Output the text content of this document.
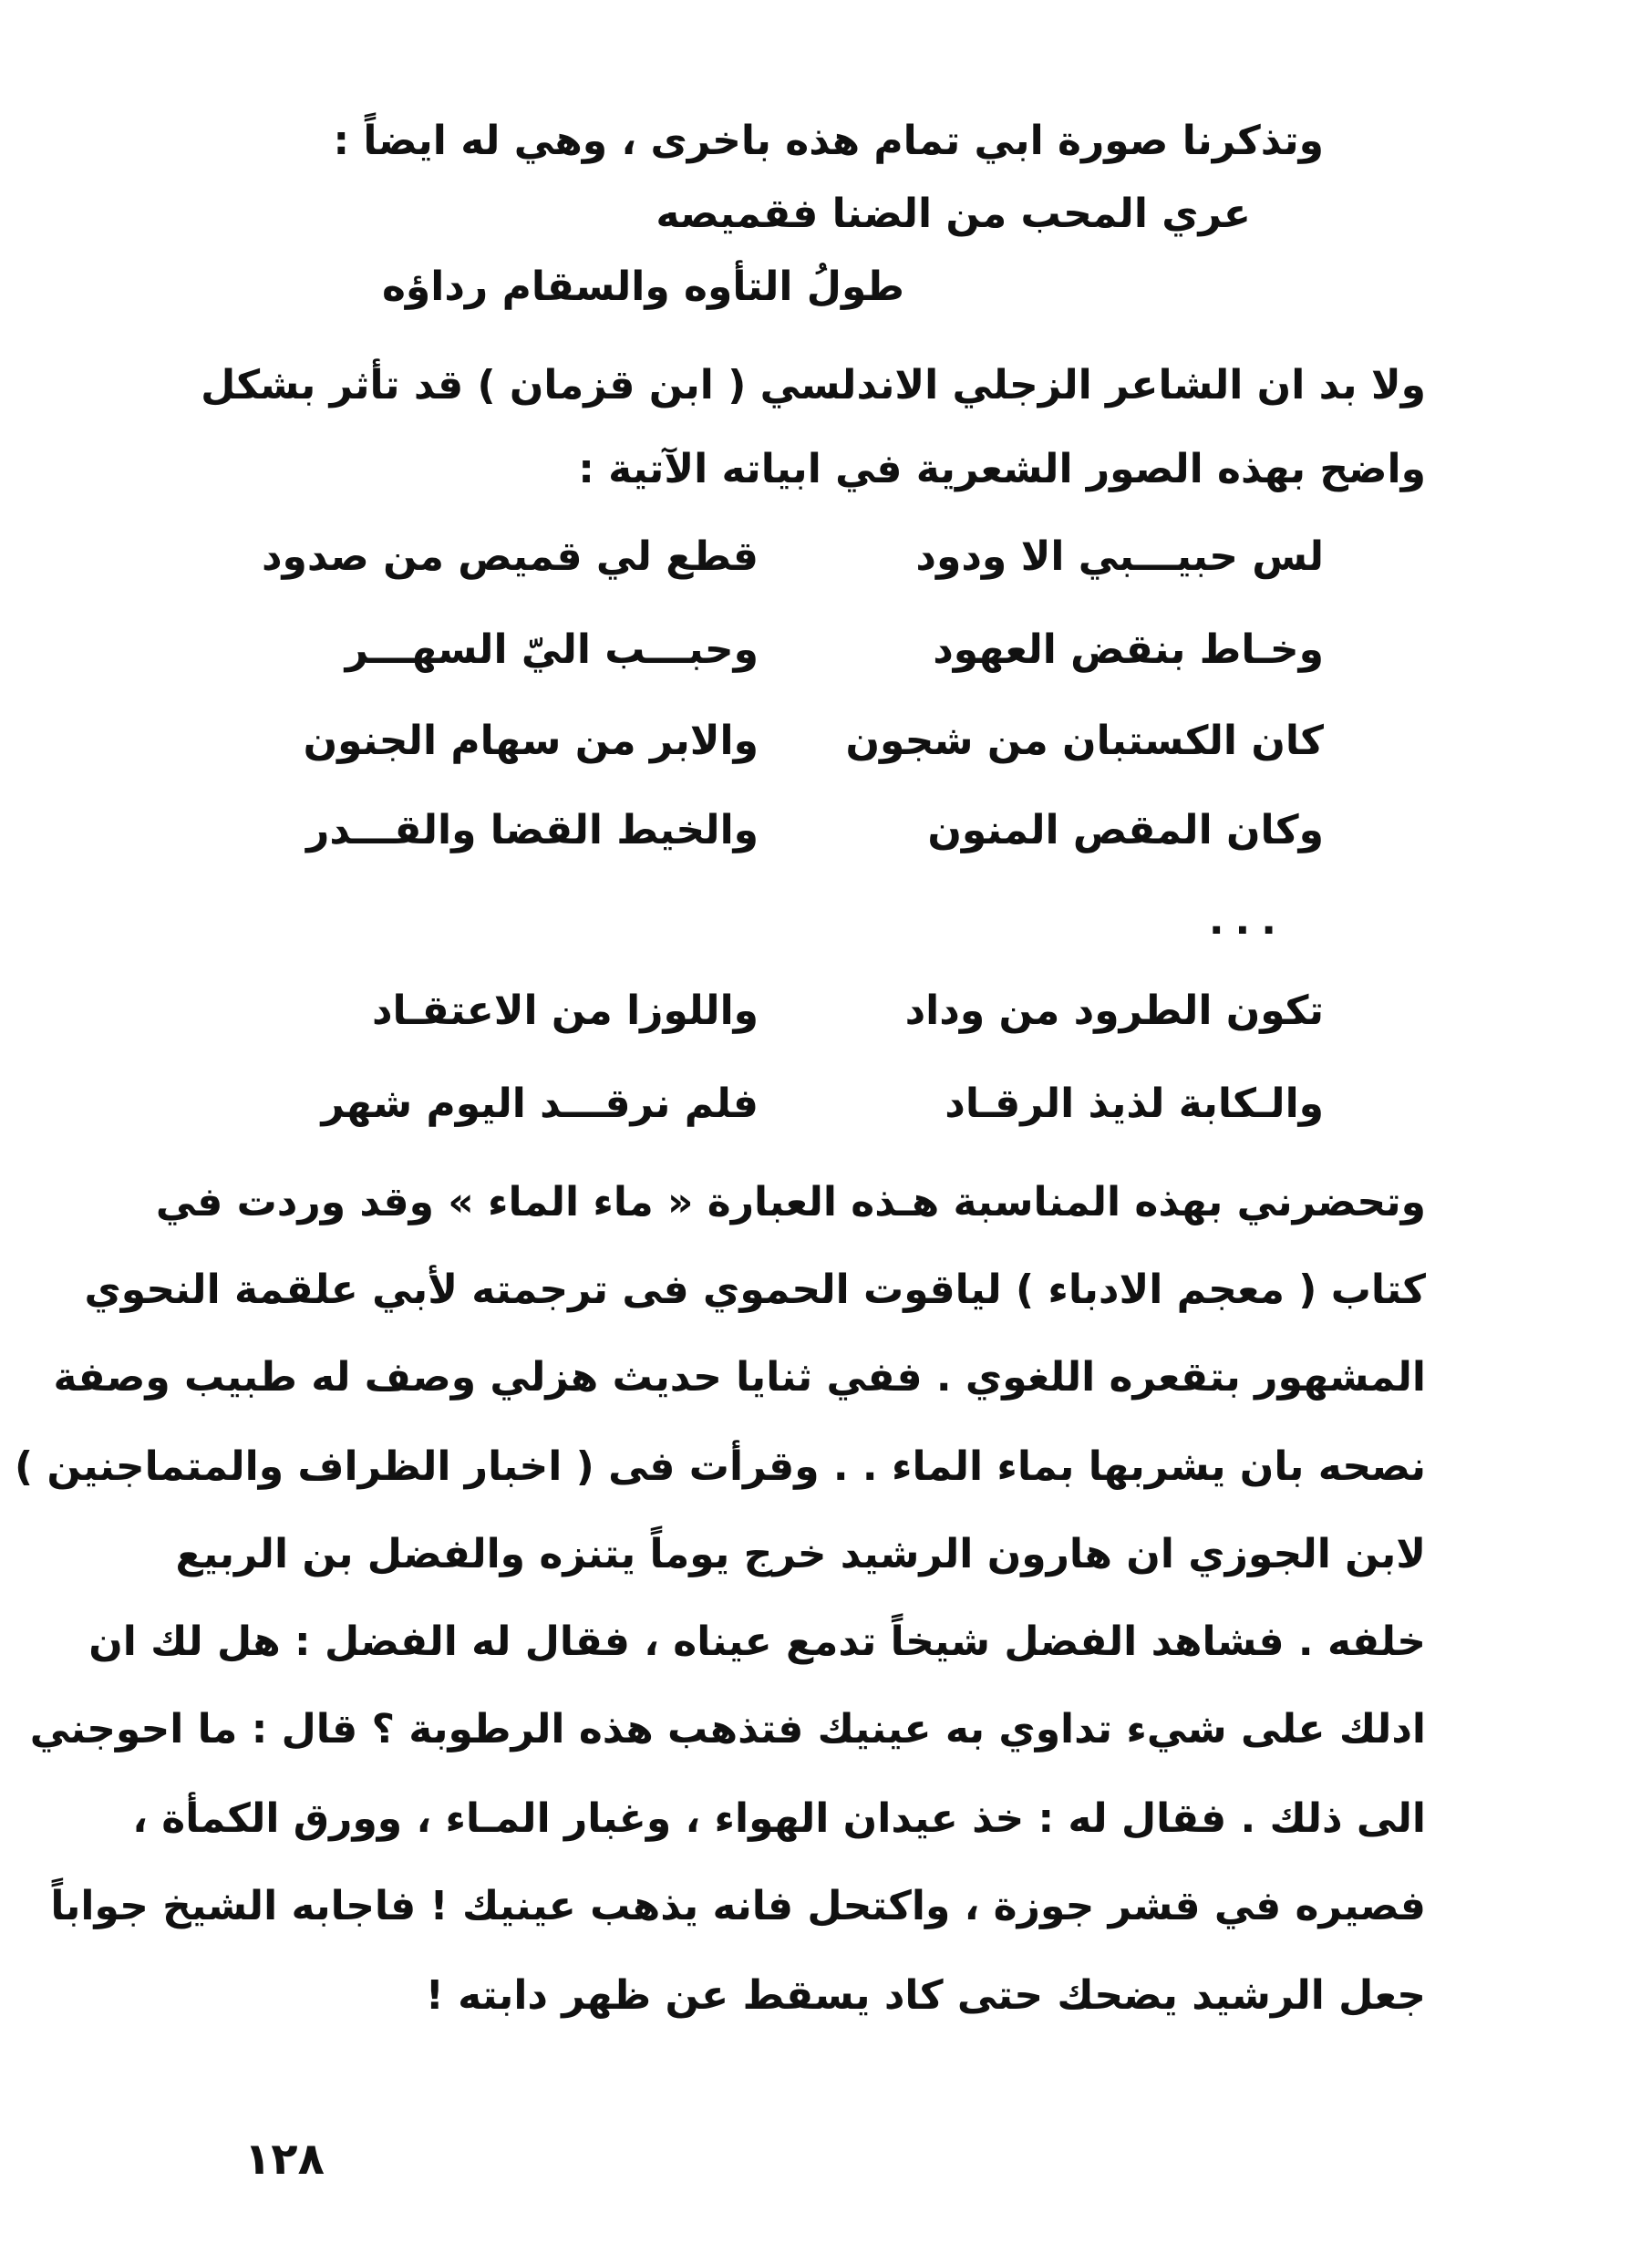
وتذكرنا صورة ابي تمام هذه باخرى ، وهي له ايضاً :
عري المحب من الضنا فقميصه
طولُ التأوه والسقام رداؤه
ولا بد ان الشاعر الزجلي الاندلسي ( ابن قزمان ) قد تأثر بشكل
واضح بهذه الصور الشعرية في ابياته الآتية :
لس حبيـــبي الا ودود
قطع لي قميص من صدود
وخـاط بنقض العهود
وحبـــب اليّ السهـــر
كان الكستبان من شجون
والابر من سهام الجنون
وكان المقص المنون
والخيط القضا والقـــدر
...
تكون الطرود من وداد
واللوزا من الاعتقـاد
والـكابة لذيذ الرقـاد
فلم نرقـــد اليوم شهر
وتحضرني بهذه المناسبة هـذه العبارة « ماء الماء » وقد وردت في
كتاب ( معجم الادباء ) لياقوت الحموي فى ترجمته لأبي علقمة النحوي
المشهور بتقعره اللغوي . ففي ثنايا حديث هزلي وصف له طبيب وصفة
نصحه بان يشربها بماء الماء . . وقرأت فى ( اخبار الظراف والمتماجنين )
لابن الجوزي ان هارون الرشيد خرج يوماً يتنزه والفضل بن الربيع
خلفه . فشاهد الفضل شيخاً تدمع عيناه ، فقال له الفضل : هل لك ان
ادلك على شيء تداوي به عينيك فتذهب هذه الرطوبة ؟ قال : ما احوجني
الى ذلك . فقال له : خذ عيدان الهواء ، وغبار المـاء ، وورق الكمأة ،
فصيره في قشر جوزة ، واكتحل فانه يذهب عينيك ! فاجابه الشيخ جواباً
جعل الرشيد يضحك حتى كاد يسقط عن ظهر دابته !
١٢٨
